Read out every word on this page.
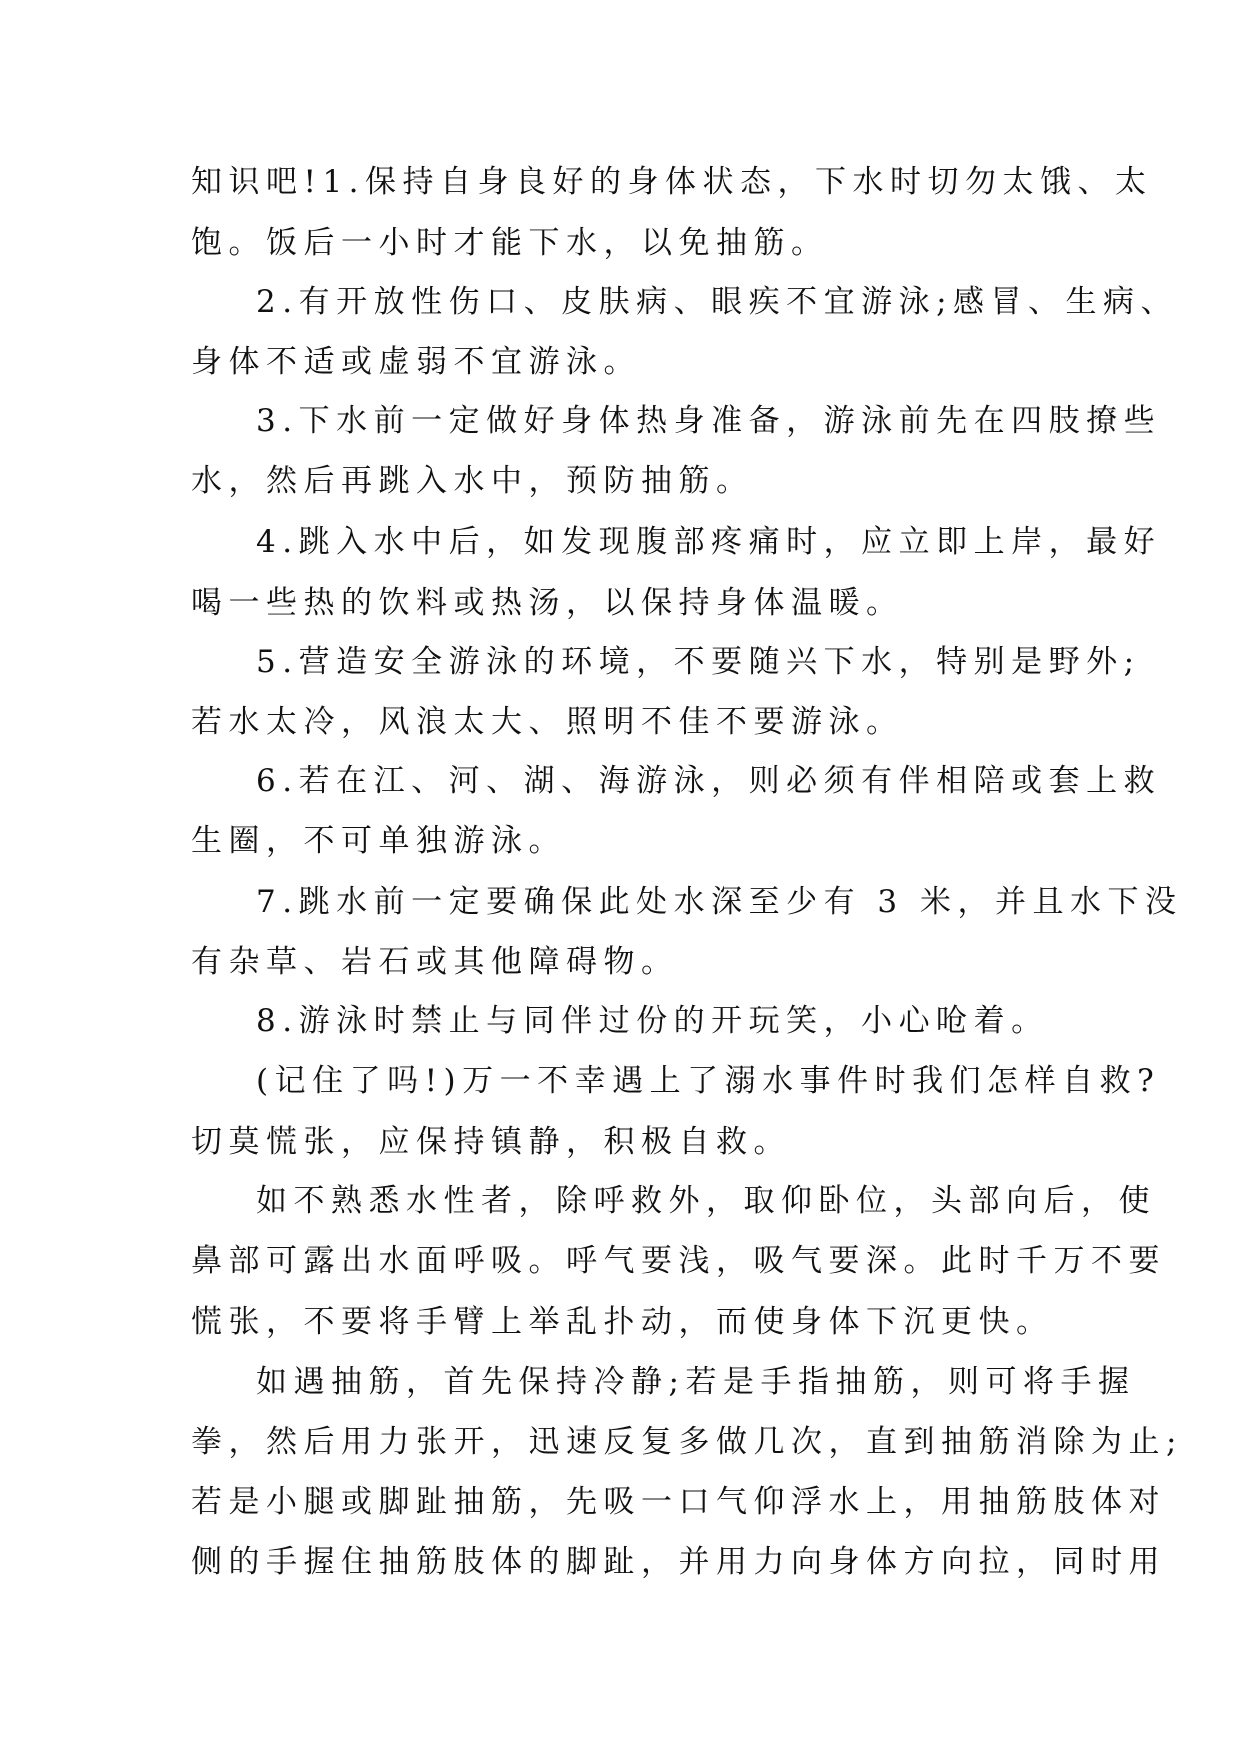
知识吧!1.保持自身良好的身体状态，下水时切勿太饿、太

饱。饭后一小时才能下水，以免抽筋。

2.有开放性伤口、皮肤病、眼疾不宜游泳;感冒、生病、

身体不适或虚弱不宜游泳。

3.下水前一定做好身体热身准备，游泳前先在四肢撩些

水，然后再跳入水中，预防抽筋。

4.跳入水中后，如发现腹部疼痛时，应立即上岸，最好

喝一些热的饮料或热汤，以保持身体温暖。

5.营造安全游泳的环境，不要随兴下水，特别是野外;

若水太冷，风浪太大、照明不佳不要游泳。

6.若在江、河、湖、海游泳，则必须有伴相陪或套上救

生圈，不可单独游泳。

7.跳水前一定要确保此处水深至少有 3 米，并且水下没

有杂草、岩石或其他障碍物。

8.游泳时禁止与同伴过份的开玩笑，小心呛着。

(记住了吗!)万一不幸遇上了溺水事件时我们怎样自救?

切莫慌张，应保持镇静，积极自救。

如不熟悉水性者，除呼救外，取仰卧位，头部向后，使

鼻部可露出水面呼吸。呼气要浅，吸气要深。此时千万不要

慌张，不要将手臂上举乱扑动，而使身体下沉更快。

如遇抽筋，首先保持冷静;若是手指抽筋，则可将手握

拳，然后用力张开，迅速反复多做几次，直到抽筋消除为止;

若是小腿或脚趾抽筋，先吸一口气仰浮水上，用抽筋肢体对

侧的手握住抽筋肢体的脚趾，并用力向身体方向拉，同时用
